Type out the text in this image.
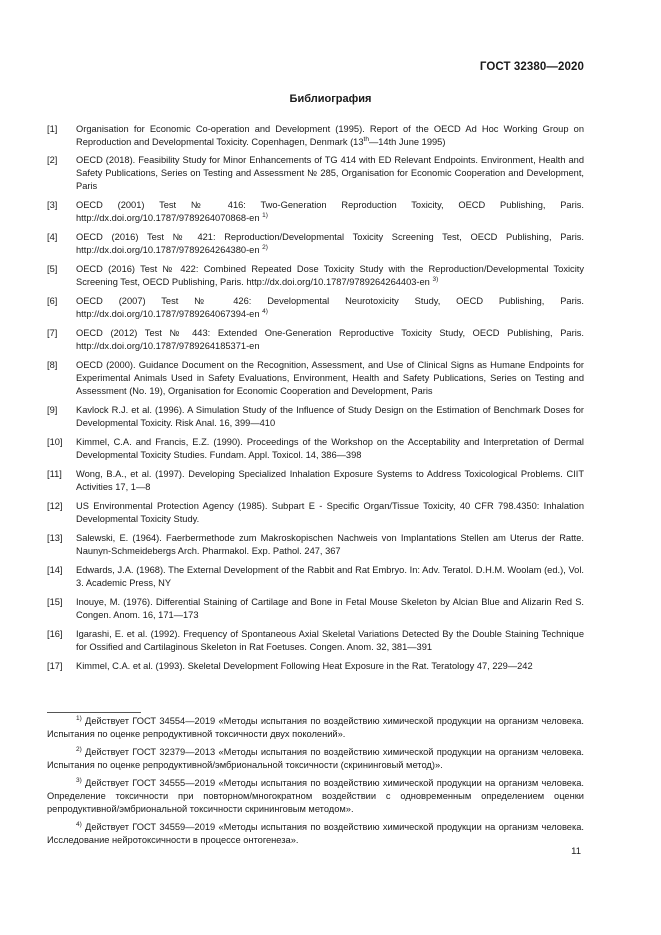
ГОСТ 32380—2020
Библиография
[1] Organisation for Economic Co-operation and Development (1995). Report of the OECD Ad Hoc Working Group on Reproduction and Developmental Toxicity. Copenhagen, Denmark (13th—14th June 1995)
[2] OECD (2018). Feasibility Study for Minor Enhancements of TG 414 with ED Relevant Endpoints. Environment, Health and Safety Publications, Series on Testing and Assessment № 285, Organisation for Economic Cooperation and Development, Paris
[3] OECD (2001) Test № 416: Two-Generation Reproduction Toxicity, OECD Publishing, Paris. http://dx.doi.org/10.1787/9789264070868-en $^{1)}$
[4] OECD (2016) Test № 421: Reproduction/Developmental Toxicity Screening Test, OECD Publishing, Paris. http://dx.doi.org/10.1787/9789264264380-en $^{2)}$
[5] OECD (2016) Test № 422: Combined Repeated Dose Toxicity Study with the Reproduction/Developmental Toxicity Screening Test, OECD Publishing, Paris. http://dx.doi.org/10.1787/9789264264403-en $^{3)}$
[6] OECD (2007) Test № 426: Developmental Neurotoxicity Study, OECD Publishing, Paris. http://dx.doi.org/10.1787/9789264067394-en $^{4)}$
[7] OECD (2012) Test № 443: Extended One-Generation Reproductive Toxicity Study, OECD Publishing, Paris. http://dx.doi.org/10.1787/9789264185371-en
[8] OECD (2000). Guidance Document on the Recognition, Assessment, and Use of Clinical Signs as Humane Endpoints for Experimental Animals Used in Safety Evaluations, Environment, Health and Safety Publications, Series on Testing and Assessment (No. 19), Organisation for Economic Cooperation and Development, Paris
[9] Kavlock R.J. et al. (1996). A Simulation Study of the Influence of Study Design on the Estimation of Benchmark Doses for Developmental Toxicity. Risk Anal. 16, 399—410
[10] Kimmel, C.A. and Francis, E.Z. (1990). Proceedings of the Workshop on the Acceptability and Interpretation of Dermal Developmental Toxicity Studies. Fundam. Appl. Toxicol. 14, 386—398
[11] Wong, B.A., et al. (1997). Developing Specialized Inhalation Exposure Systems to Address Toxicological Problems. CIIT Activities 17, 1—8
[12] US Environmental Protection Agency (1985). Subpart E - Specific Organ/Tissue Toxicity, 40 CFR 798.4350: Inhalation Developmental Toxicity Study.
[13] Salewski, E. (1964). Faerbermethode zum Makroskopischen Nachweis von Implantations Stellen am Uterus der Ratte. Naunyn-Schmeidebergs Arch. Pharmakol. Exp. Pathol. 247, 367
[14] Edwards, J.A. (1968). The External Development of the Rabbit and Rat Embryo. In: Adv. Teratol. D.H.M. Woolam (ed.), Vol. 3. Academic Press, NY
[15] Inouye, M. (1976). Differential Staining of Cartilage and Bone in Fetal Mouse Skeleton by Alcian Blue and Alizarin Red S. Congen. Anom. 16, 171—173
[16] Igarashi, E. et al. (1992). Frequency of Spontaneous Axial Skeletal Variations Detected By the Double Staining Technique for Ossified and Cartilaginous Skeleton in Rat Foetuses. Congen. Anom. 32, 381—391
[17] Kimmel, C.A. et al. (1993). Skeletal Development Following Heat Exposure in the Rat. Teratology 47, 229—242
$^{1)}$ Действует ГОСТ 34554—2019 «Методы испытания по воздействию химической продукции на организм человека. Испытания по оценке репродуктивной токсичности двух поколений».
$^{2)}$ Действует ГОСТ 32379—2013 «Методы испытания по воздействию химической продукции на организм человека. Испытания по оценке репродуктивной/эмбриональной токсичности (скрининговый метод)».
$^{3)}$ Действует ГОСТ 34555—2019 «Методы испытания по воздействию химической продукции на организм человека. Определение токсичности при повторном/многократном воздействии с одновременным определением оценки репродуктивной/эмбриональной токсичности скрининговым методом».
$^{4)}$ Действует ГОСТ 34559—2019 «Методы испытания по воздействию химической продукции на организм человека. Исследование нейротоксичности в процессе онтогенеза».
11
